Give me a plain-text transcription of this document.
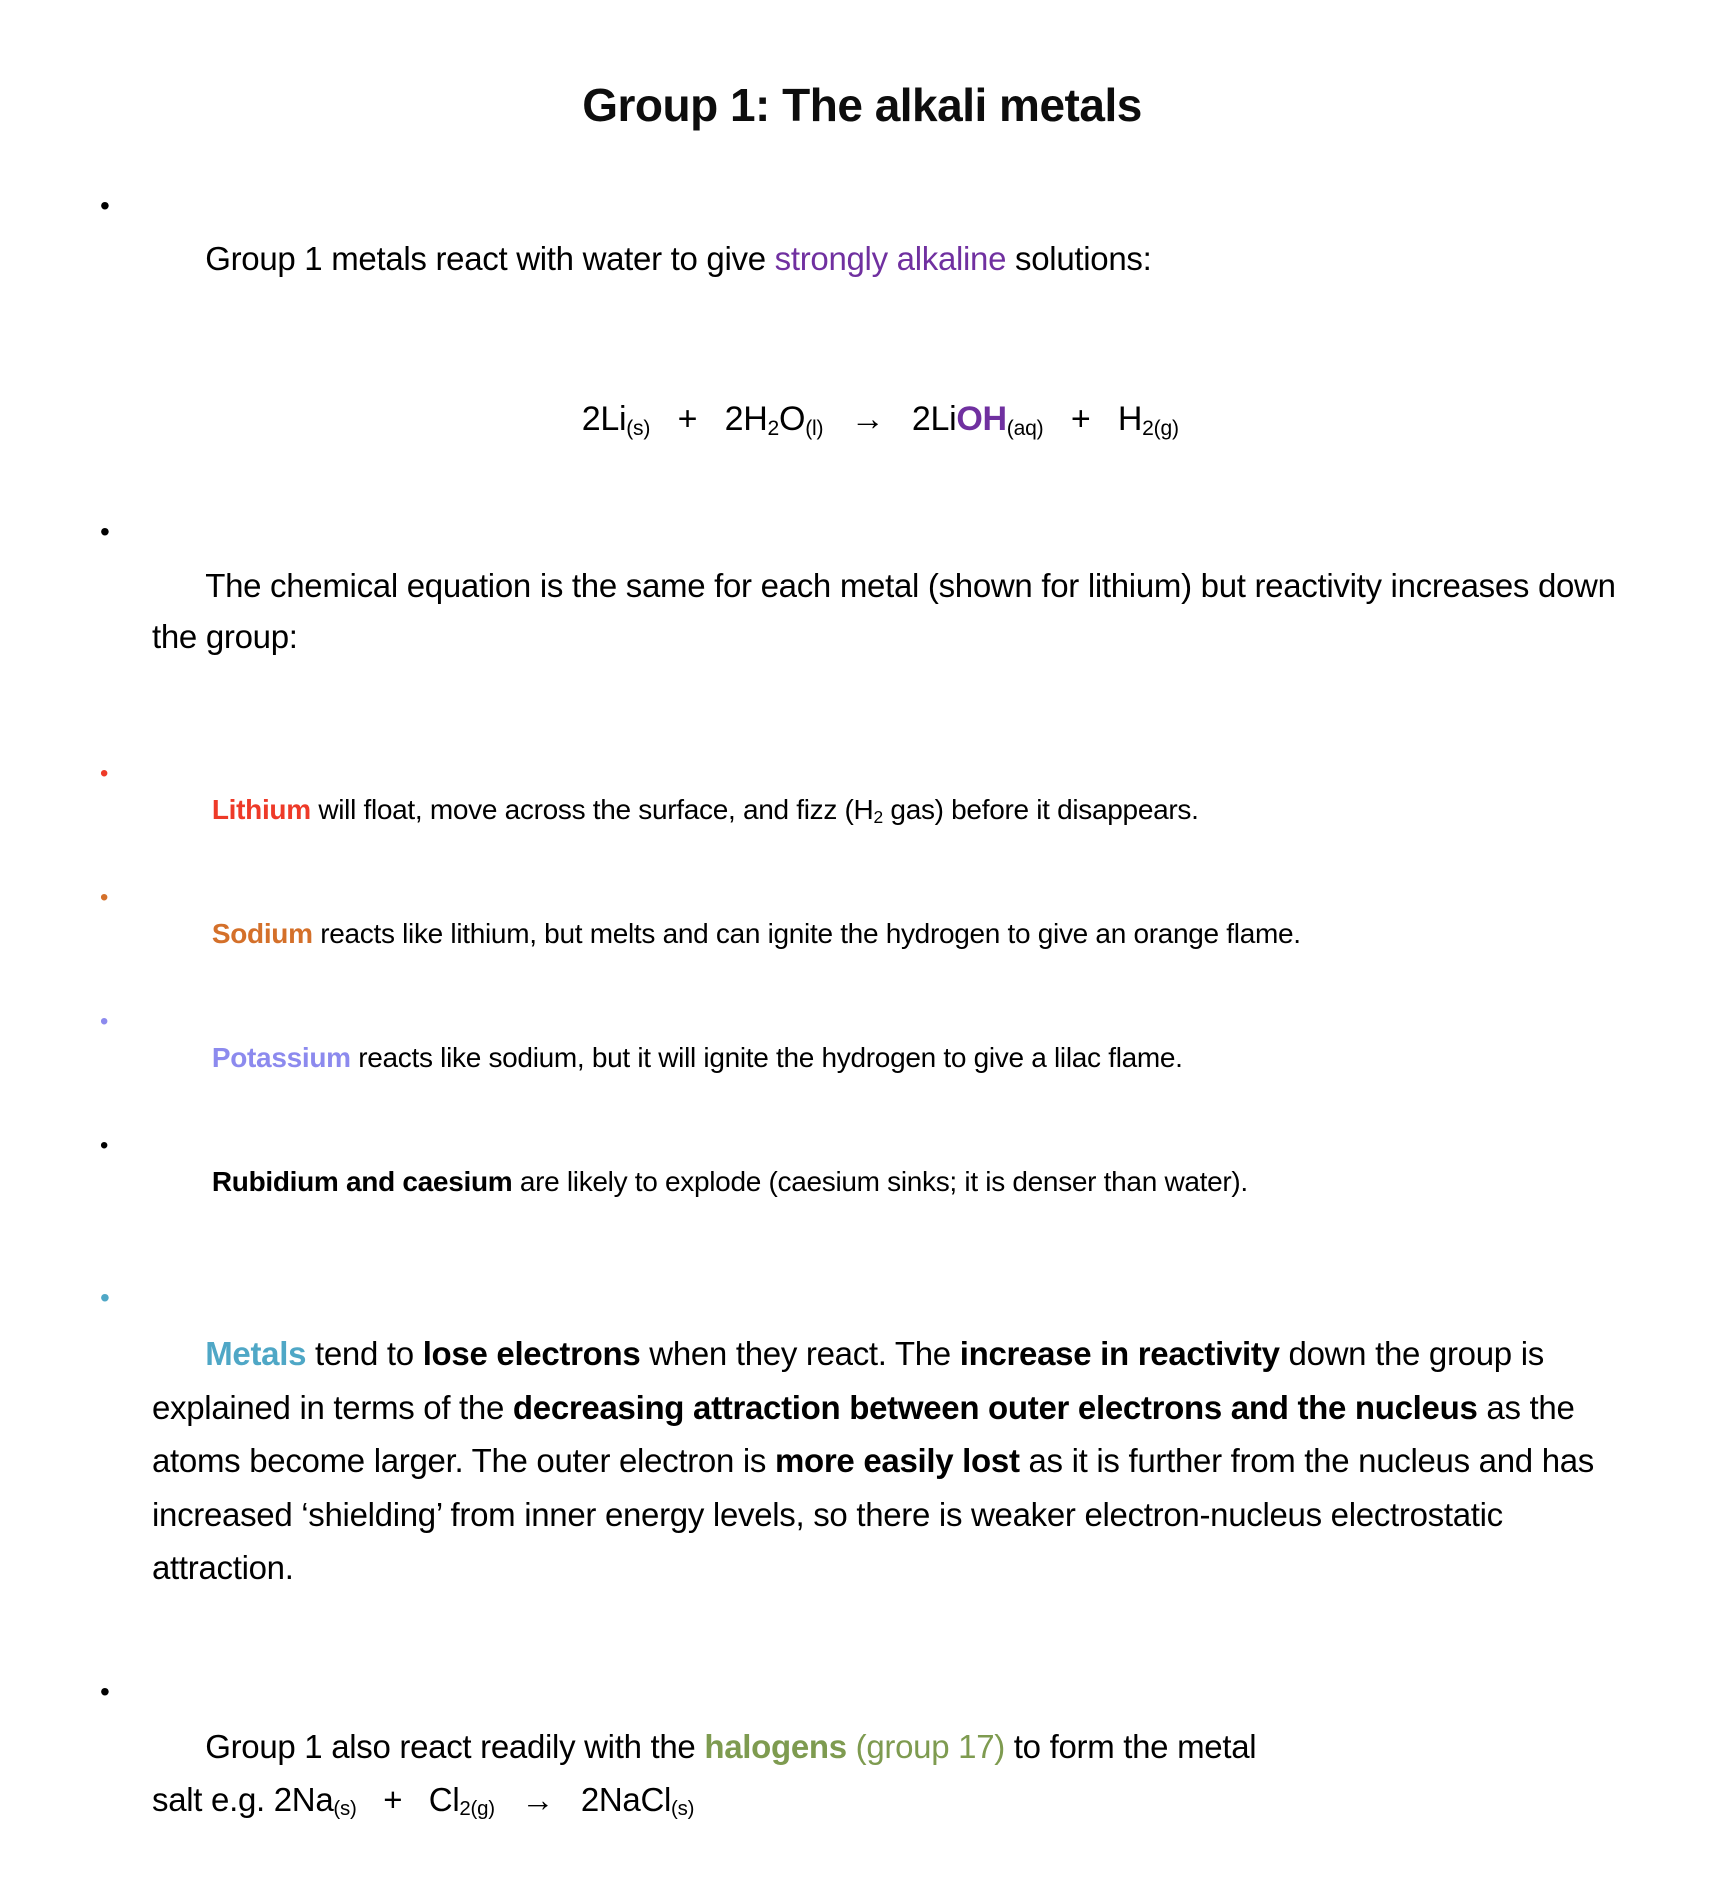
Group 1: The alkali metals
•

Group 1 metals react with water to give strongly alkaline solutions:

$2Li_{(s)} + 2H_2O_{(l)}$   →   2LiOH$_{(aq)}$   +   $H_{2(g)}$

•

The chemical equation is the same for each metal (shown for lithium) but reactivity increases down the group:

•

Lithium will float, move across the surface, and fizz ($H_2$ gas) before it disappears.

•

Sodium reacts like lithium, but melts and can ignite the hydrogen to give an orange flame.

•

Potassium reacts like sodium, but it will ignite the hydrogen to give a lilac flame.

•

Rubidium and caesium are likely to explode (caesium sinks; it is denser than water).

•

Metals tend to lose electrons when they react. The increase in reactivity down the group is explained in terms of the decreasing attraction between outer electrons and the nucleus as the atoms become larger. The outer electron is more easily lost as it is further from the nucleus and has increased ‘shielding’ from inner energy levels, so there is weaker electron-nucleus electrostatic attraction.

•

Group 1 also react readily with the halogens (group 17) to form the metal
salt e.g. $2Na_{(s)} + Cl_{2(g)}$   →   2NaCl$_{(s)}$
